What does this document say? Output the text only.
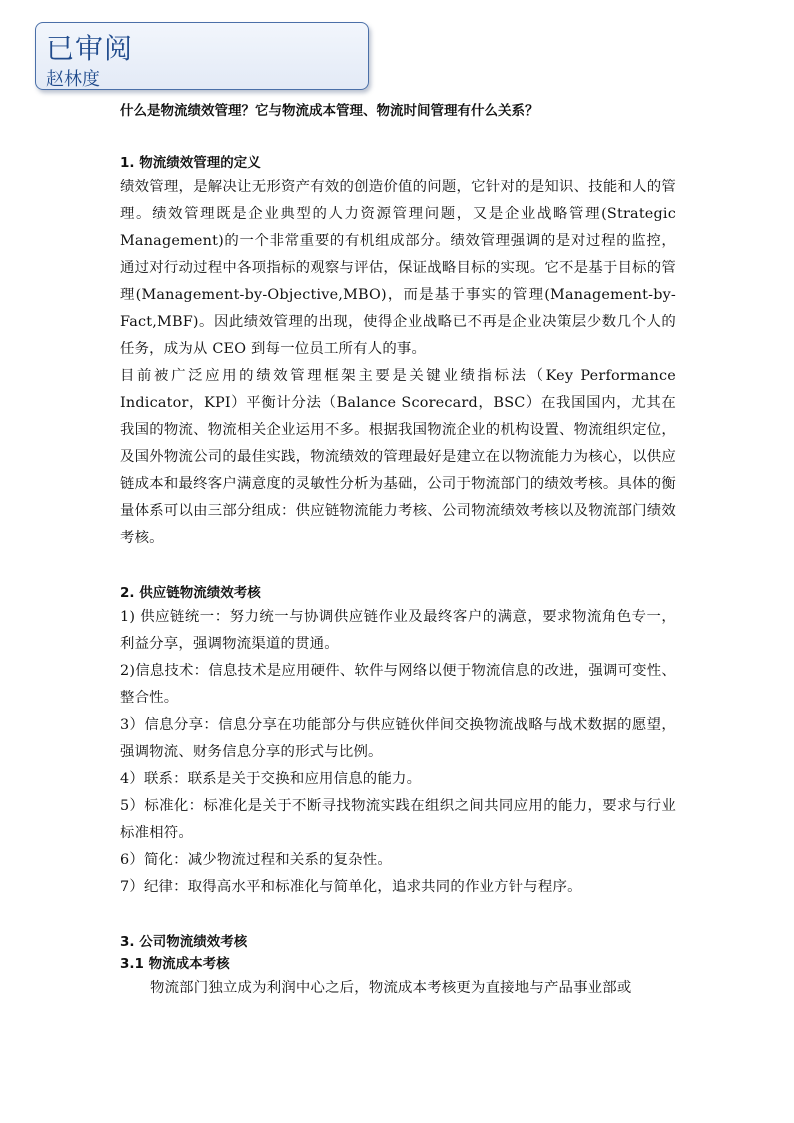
已审阅
赵林度

什么是物流绩效管理？它与物流成本管理、物流时间管理有什么关系？

1. 物流绩效管理的定义

绩效管理，是解决让无形资产有效的创造价值的问题，它针对的是知识、技能和人的管理。绩效管理既是企业典型的人力资源管理问题，又是企业战略管理(Strategic Management)的一个非常重要的有机组成部分。绩效管理强调的是对过程的监控，通过对行动过程中各项指标的观察与评估，保证战略目标的实现。它不是基于目标的管理(Management-by-Objective,MBO)，而是基于事实的管理(Management-by-Fact,MBF)。因此绩效管理的出现，使得企业战略已不再是企业决策层少数几个人的任务，成为从 CEO 到每一位员工所有人的事。

目前被广泛应用的绩效管理框架主要是关键业绩指标法（Key Performance Indicator，KPI）平衡计分法（Balance Scorecard，BSC）在我国国内，尤其在我国的物流、物流相关企业运用不多。根据我国物流企业的机构设置、物流组织定位，及国外物流公司的最佳实践，物流绩效的管理最好是建立在以物流能力为核心，以供应链成本和最终客户满意度的灵敏性分析为基础，公司于物流部门的绩效考核。具体的衡量体系可以由三部分组成：供应链物流能力考核、公司物流绩效考核以及物流部门绩效考核。

2. 供应链物流绩效考核

1) 供应链统一：努力统一与协调供应链作业及最终客户的满意，要求物流角色专一，利益分享，强调物流渠道的贯通。

2)信息技术：信息技术是应用硬件、软件与网络以便于物流信息的改进，强调可变性、整合性。

3）信息分享：信息分享在功能部分与供应链伙伴间交换物流战略与战术数据的愿望，强调物流、财务信息分享的形式与比例。

4）联系：联系是关于交换和应用信息的能力。

5）标准化：标准化是关于不断寻找物流实践在组织之间共同应用的能力，要求与行业标准相符。

6）简化：减少物流过程和关系的复杂性。

7）纪律：取得高水平和标准化与简单化，追求共同的作业方针与程序。

3. 公司物流绩效考核

3.1 物流成本考核

物流部门独立成为利润中心之后，物流成本考核更为直接地与产品事业部或
